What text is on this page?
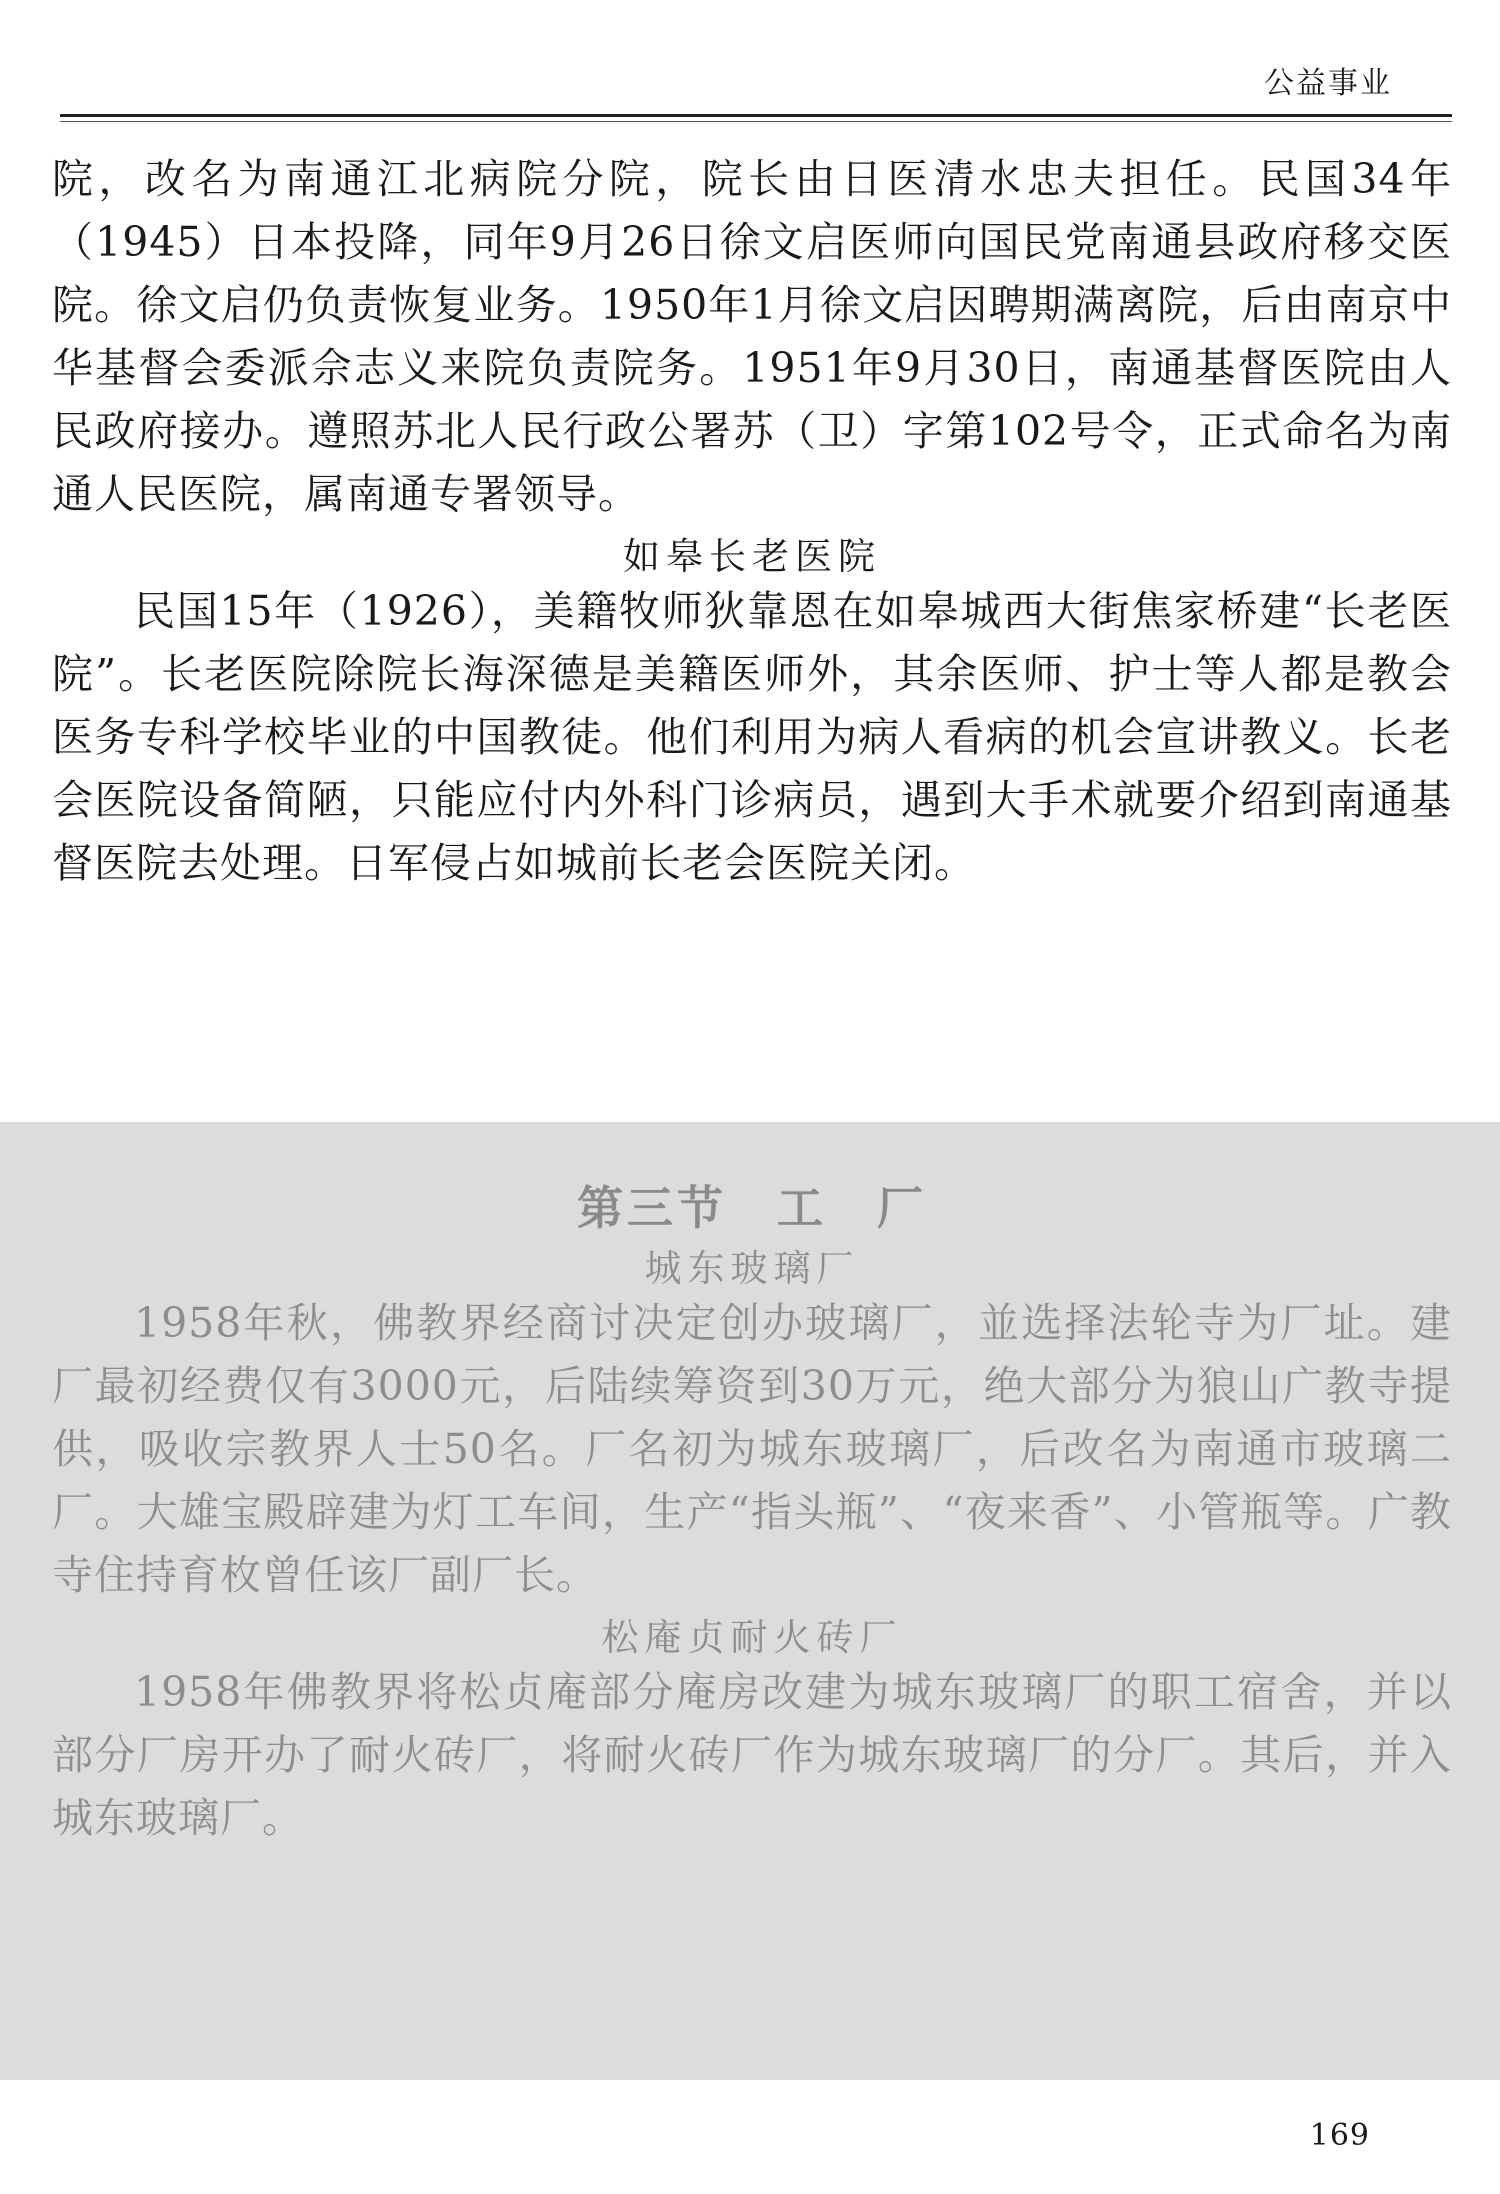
公益事业

院，改名为南通江北病院分院，院长由日医清水忠夫担任。民国34年（1945）日本投降，同年9月26日徐文启医师向国民党南通县政府移交医院。徐文启仍负责恢复业务。1950年1月徐文启因聘期满离院，后由南京中华基督会委派佘志义来院负责院务。1951年9月30日，南通基督医院由人民政府接办。遵照苏北人民行政公署苏（卫）字第102号令，正式命名为南通人民医院，属南通专署领导。

如皋长老医院

民国15年（1926），美籍牧师狄靠恩在如皋城西大街焦家桥建“长老医院”。长老医院除院长海深德是美籍医师外，其余医师、护士等人都是教会医务专科学校毕业的中国教徒。他们利用为病人看病的机会宣讲教义。长老会医院设备简陋，只能应付内外科门诊病员，遇到大手术就要介绍到南通基督医院去处理。日军侵占如城前长老会医院关闭。

第三节 工　厂
城东玻璃厂

1958年秋，佛教界经商讨决定创办玻璃厂，並选择法轮寺为厂址。建厂最初经费仅有3000元，后陆续筹资到30万元，绝大部分为狼山广教寺提供，吸收宗教界人士50名。厂名初为城东玻璃厂，后改名为南通市玻璃二厂。大雄宝殿辟建为灯工车间，生产“指头瓶”、“夜来香”、小管瓶等。广教寺住持育枚曾任该厂副厂长。

松庵贞耐火砖厂

1958年佛教界将松贞庵部分庵房改建为城东玻璃厂的职工宿舍，并以部分厂房开办了耐火砖厂，将耐火砖厂作为城东玻璃厂的分厂。其后，并入城东玻璃厂。

169
